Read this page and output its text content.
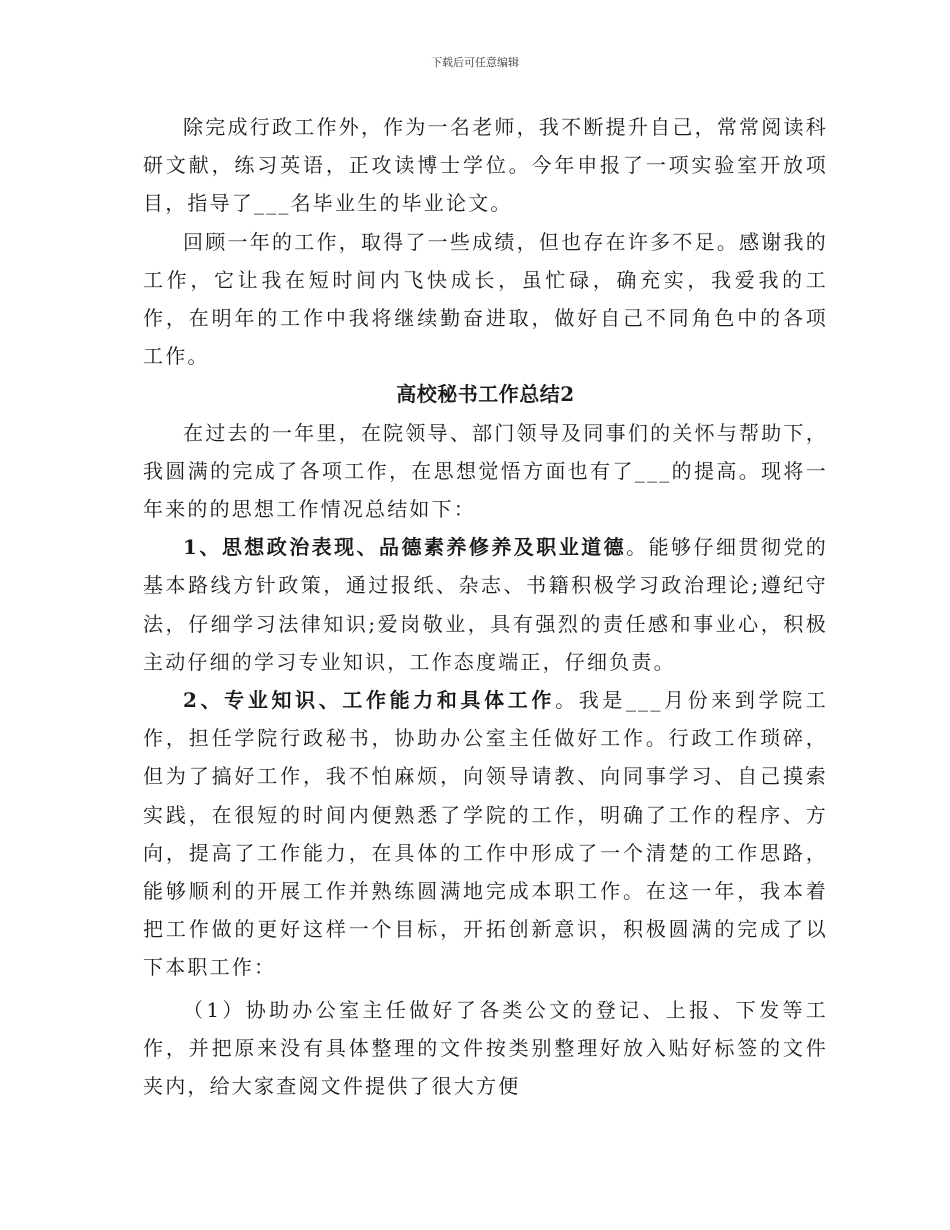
下载后可任意编辑

除完成行政工作外，作为一名老师，我不断提升自己，常常阅读科研文献，练习英语，正攻读博士学位。今年申报了一项实验室开放项目，指导了___名毕业生的毕业论文。

回顾一年的工作，取得了一些成绩，但也存在许多不足。感谢我的工作，它让我在短时间内飞快成长，虽忙碌，确充实，我爱我的工作，在明年的工作中我将继续勤奋进取，做好自己不同角色中的各项工作。

高校秘书工作总结2

在过去的一年里，在院领导、部门领导及同事们的关怀与帮助下，我圆满的完成了各项工作，在思想觉悟方面也有了___的提高。现将一年来的的思想工作情况总结如下：

1、思想政治表现、品德素养修养及职业道德。能够仔细贯彻党的基本路线方针政策，通过报纸、杂志、书籍积极学习政治理论;遵纪守法，仔细学习法律知识;爱岗敬业，具有强烈的责任感和事业心，积极主动仔细的学习专业知识，工作态度端正，仔细负责。

2、专业知识、工作能力和具体工作。我是___月份来到学院工作，担任学院行政秘书，协助办公室主任做好工作。行政工作琐碎，但为了搞好工作，我不怕麻烦，向领导请教、向同事学习、自己摸索实践，在很短的时间内便熟悉了学院的工作，明确了工作的程序、方向，提高了工作能力，在具体的工作中形成了一个清楚的工作思路，能够顺利的开展工作并熟练圆满地完成本职工作。在这一年，我本着把工作做的更好这样一个目标，开拓创新意识，积极圆满的完成了以下本职工作：

（1）协助办公室主任做好了各类公文的登记、上报、下发等工作，并把原来没有具体整理的文件按类别整理好放入贴好标签的文件夹内，给大家查阅文件提供了很大方便
